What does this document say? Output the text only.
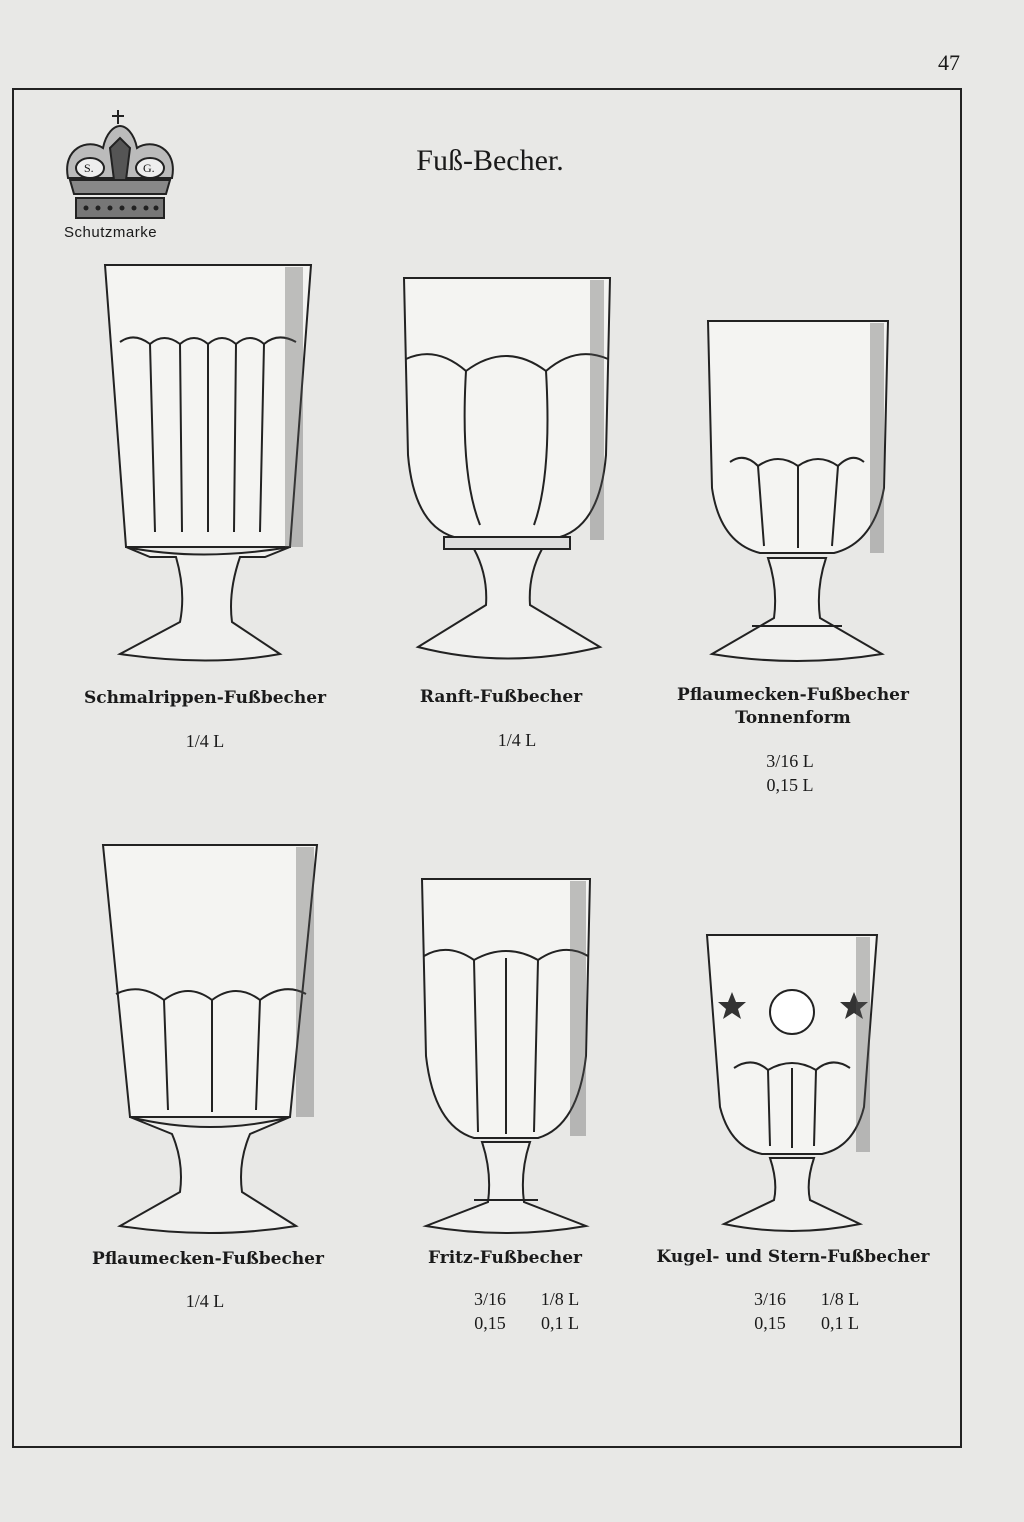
47
S.	G.
Schutzmarke
Fuß-Becher.
Schmalrippen-Fußbecher
1/4 L
Ranft-Fußbecher
1/4 L
Pflaumecken-Fußbecher
Tonnenform
3/16 L
0,15 L
Pflaumecken-Fußbecher
1/4 L
Fritz-Fußbecher
3/16 1/8 L
0,15 0,1 L
Kugel- und Stern-Fußbecher
3/16 1/8 L
0,15 0,1 L
